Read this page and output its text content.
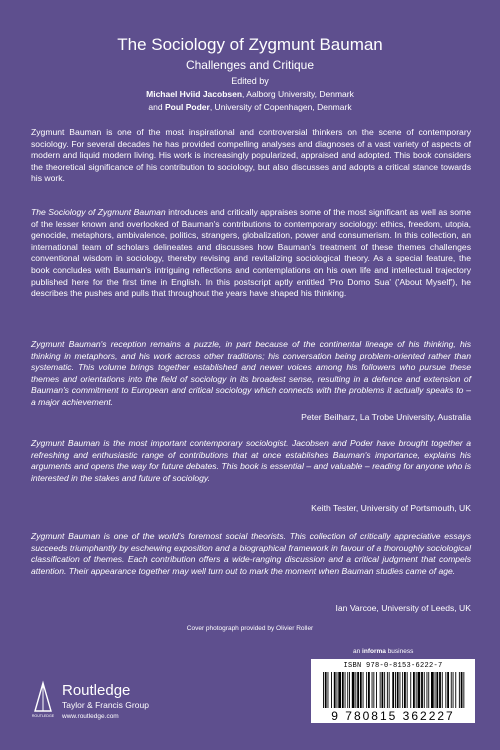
The Sociology of Zygmunt Bauman
Challenges and Critique
Edited by
Michael Hviid Jacobsen, Aalborg University, Denmark
and Poul Poder, University of Copenhagen, Denmark
Zygmunt Bauman is one of the most inspirational and controversial thinkers on the scene of contemporary sociology. For several decades he has provided compelling analyses and diagnoses of a vast variety of aspects of modern and liquid modern living. His work is increasingly popularized, appraised and adopted. This book considers the theoretical significance of his contribution to sociology, but also discusses and adopts a critical stance towards his work.
The Sociology of Zygmunt Bauman introduces and critically appraises some of the most significant as well as some of the lesser known and overlooked of Bauman's contributions to contemporary sociology: ethics, freedom, utopia, genocide, metaphors, ambivalence, politics, strangers, globalization, power and consumerism. In this collection, an international team of scholars delineates and discusses how Bauman's treatment of these themes challenges conventional wisdom in sociology, thereby revising and revitalizing sociological theory. As a special feature, the book concludes with Bauman's intriguing reflections and contemplations on his own life and intellectual trajectory published here for the first time in English. In this postscript aptly entitled 'Pro Domo Sua' ('About Myself'), he describes the pushes and pulls that throughout the years have shaped his thinking.
Zygmunt Bauman's reception remains a puzzle, in part because of the continental lineage of his thinking, his thinking in metaphors, and his work across other traditions; his conversation being problem-oriented rather than systematic. This volume brings together established and newer voices among his followers who pursue these themes and orientations into the field of sociology in its broadest sense, resulting in a defence and extension of Bauman's commitment to European and critical sociology which connects with the problems it actually speaks to – a major achievement.
Peter Beilharz, La Trobe University, Australia
Zygmunt Bauman is the most important contemporary sociologist. Jacobsen and Poder have brought together a refreshing and enthusiastic range of contributions that at once establishes Bauman's importance, explains his arguments and opens the way for future debates. This book is essential – and valuable – reading for anyone who is interested in the stakes and future of sociology.
Keith Tester, University of Portsmouth, UK
Zygmunt Bauman is one of the world's foremost social theorists. This collection of critically appreciative essays succeeds triumphantly by eschewing exposition and a biographical framework in favour of a thoroughly sociological classification of themes. Each contribution offers a wide-ranging discussion and a critical judgment that compels attention. Their appearance together may well turn out to mark the moment when Bauman studies came of age.
Ian Varcoe, University of Leeds, UK
Cover photograph provided by Olivier Roller
an informa business
ROUTLEDGE
Routledge
Taylor & Francis Group
www.routledge.com
ISBN 978-0-8153-6222-7
9 780815 362227
